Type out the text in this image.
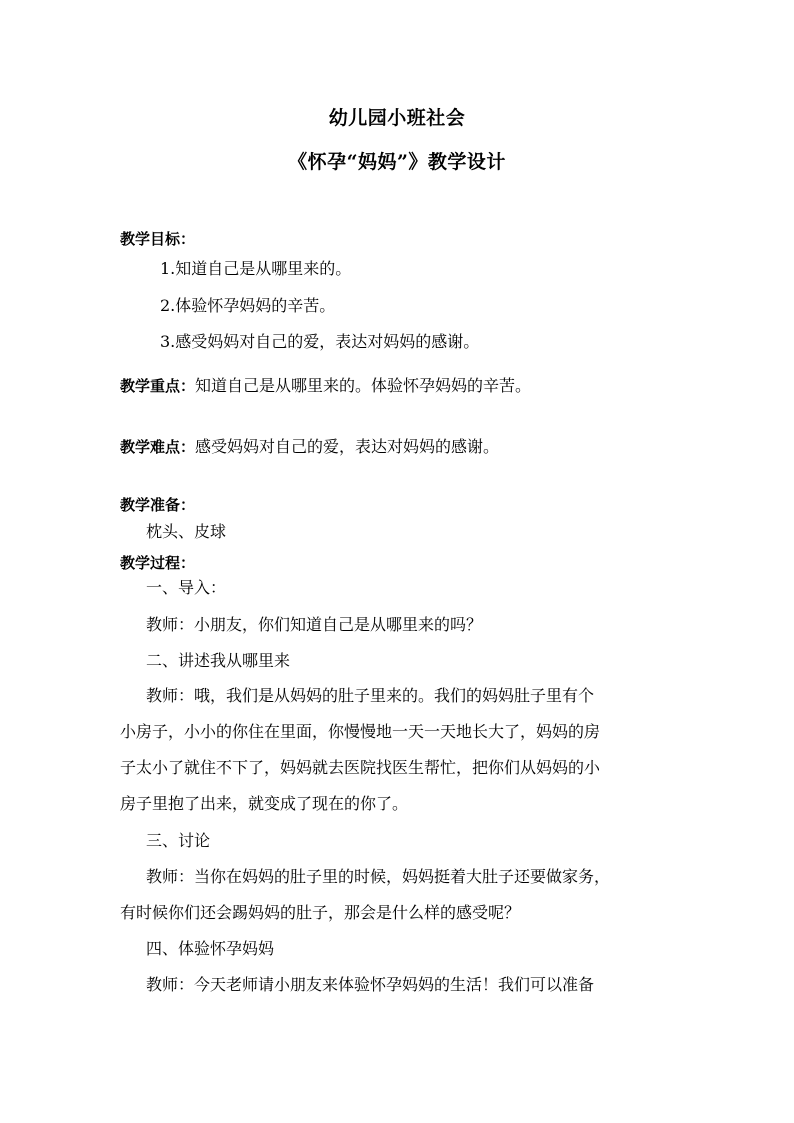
幼儿园小班社会
《怀孕“妈妈”》教学设计
教学目标：
1.知道自己是从哪里来的。
2.体验怀孕妈妈的辛苦。
3.感受妈妈对自己的爱，表达对妈妈的感谢。
教学重点：知道自己是从哪里来的。体验怀孕妈妈的辛苦。
教学难点：感受妈妈对自己的爱，表达对妈妈的感谢。
教学准备：
枕头、皮球
教学过程：
一、导入：
教师：小朋友，你们知道自己是从哪里来的吗？
二、讲述我从哪里来
教师：哦，我们是从妈妈的肚子里来的。我们的妈妈肚子里有个
小房子，小小的你住在里面，你慢慢地一天一天地长大了，妈妈的房
子太小了就住不下了，妈妈就去医院找医生帮忙，把你们从妈妈的小
房子里抱了出来，就变成了现在的你了。
三、讨论
教师：当你在妈妈的肚子里的时候，妈妈挺着大肚子还要做家务，
有时候你们还会踢妈妈的肚子，那会是什么样的感受呢？
四、体验怀孕妈妈
教师：今天老师请小朋友来体验怀孕妈妈的生活！我们可以准备
